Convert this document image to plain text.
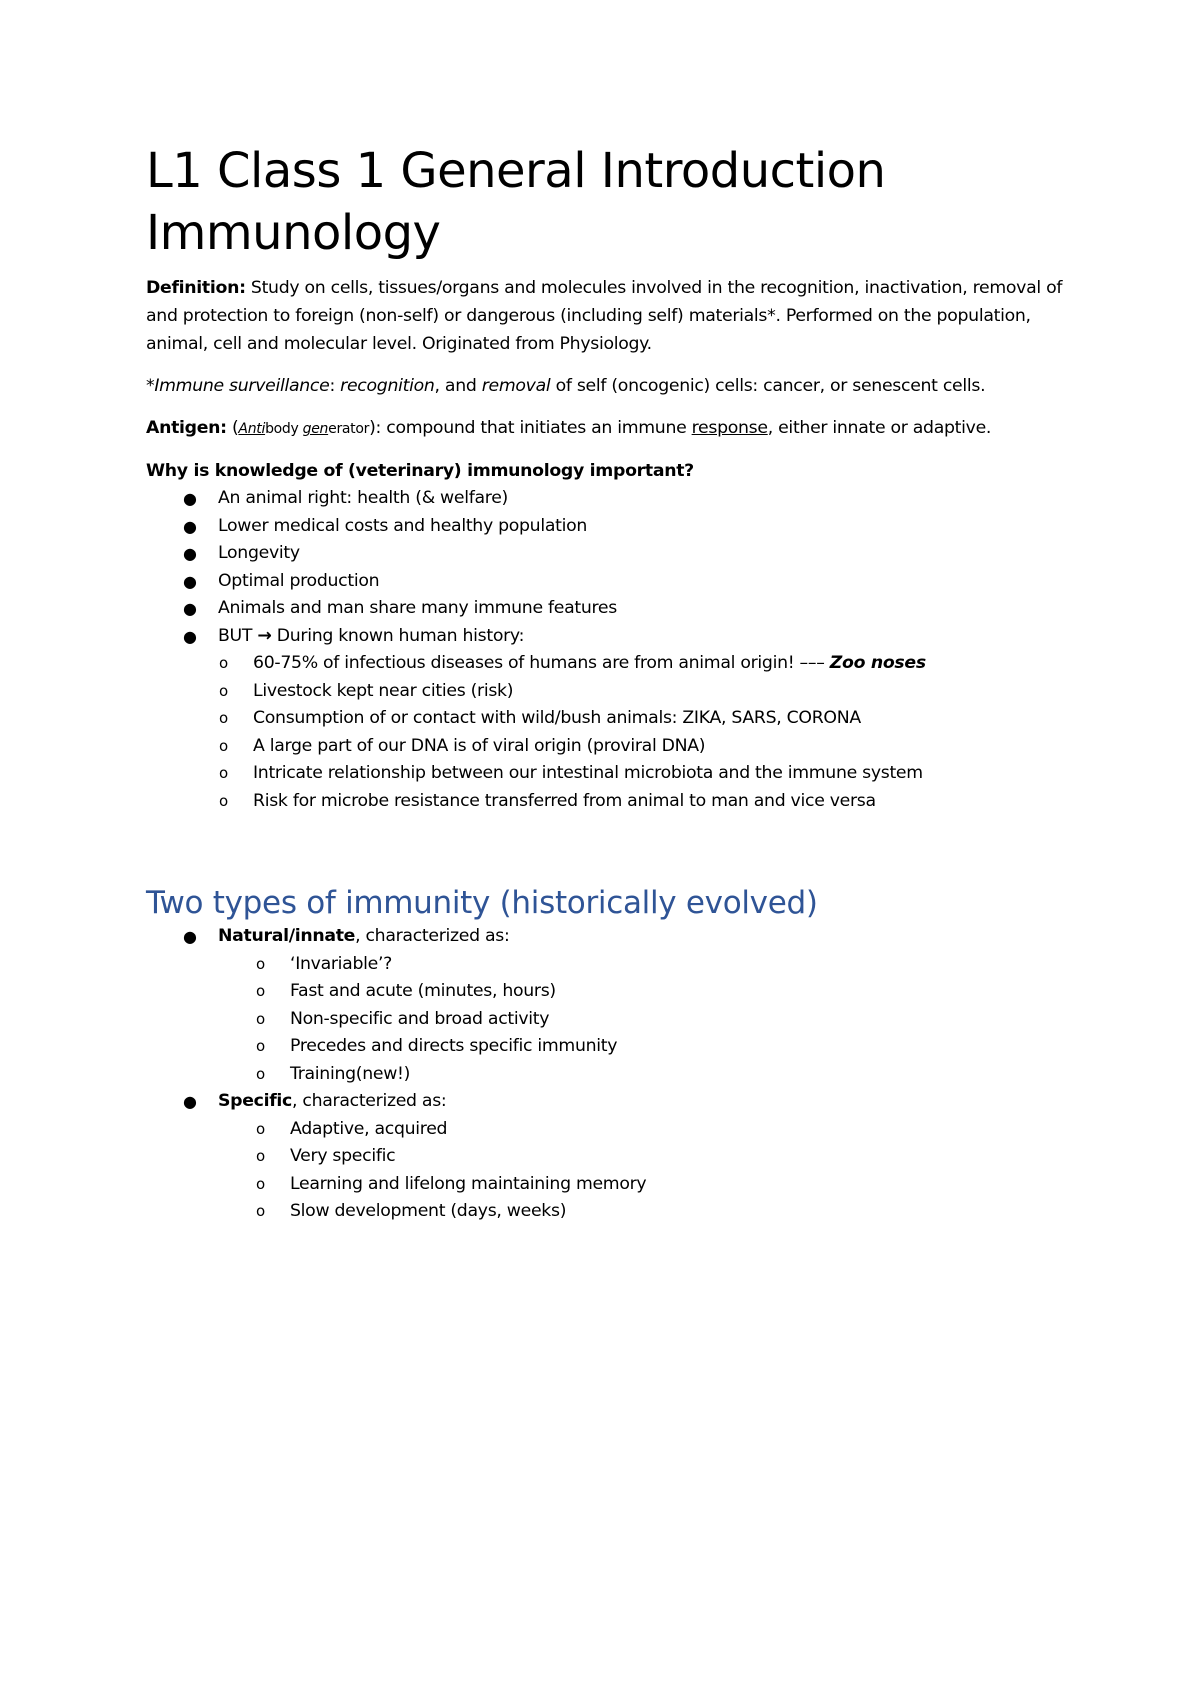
L1 Class 1 General Introduction
Immunology

Definition: Study on cells, tissues/organs and molecules involved in the recognition, inactivation, removal of and protection to foreign (non-self) or dangerous (including self) materials*. Performed on the population, animal, cell and molecular level. Originated from Physiology.

*Immune surveillance: recognition, and removal of self (oncogenic) cells: cancer, or senescent cells.

Antigen: (Antibody generator): compound that initiates an immune response, either innate or adaptive.

Why is knowledge of (veterinary) immunology important?

● An animal right: health (& welfare)
● Lower medical costs and healthy population
● Longevity
● Optimal production
● Animals and man share many immune features
● BUT → During known human history:
o 60-75% of infectious diseases of humans are from animal origin! ––– Zoo noses
o Livestock kept near cities (risk)
o Consumption of or contact with wild/bush animals: ZIKA, SARS, CORONA
o A large part of our DNA is of viral origin (proviral DNA)
o Intricate relationship between our intestinal microbiota and the immune system
o Risk for microbe resistance transferred from animal to man and vice versa
Two types of immunity (historically evolved)
● Natural/innate, characterized as:
o ‘Invariable’?
o Fast and acute (minutes, hours)
o Non-specific and broad activity
o Precedes and directs specific immunity
o Training(new!)
● Specific, characterized as:
o Adaptive, acquired
o Very specific
o Learning and lifelong maintaining memory
o Slow development (days, weeks)
